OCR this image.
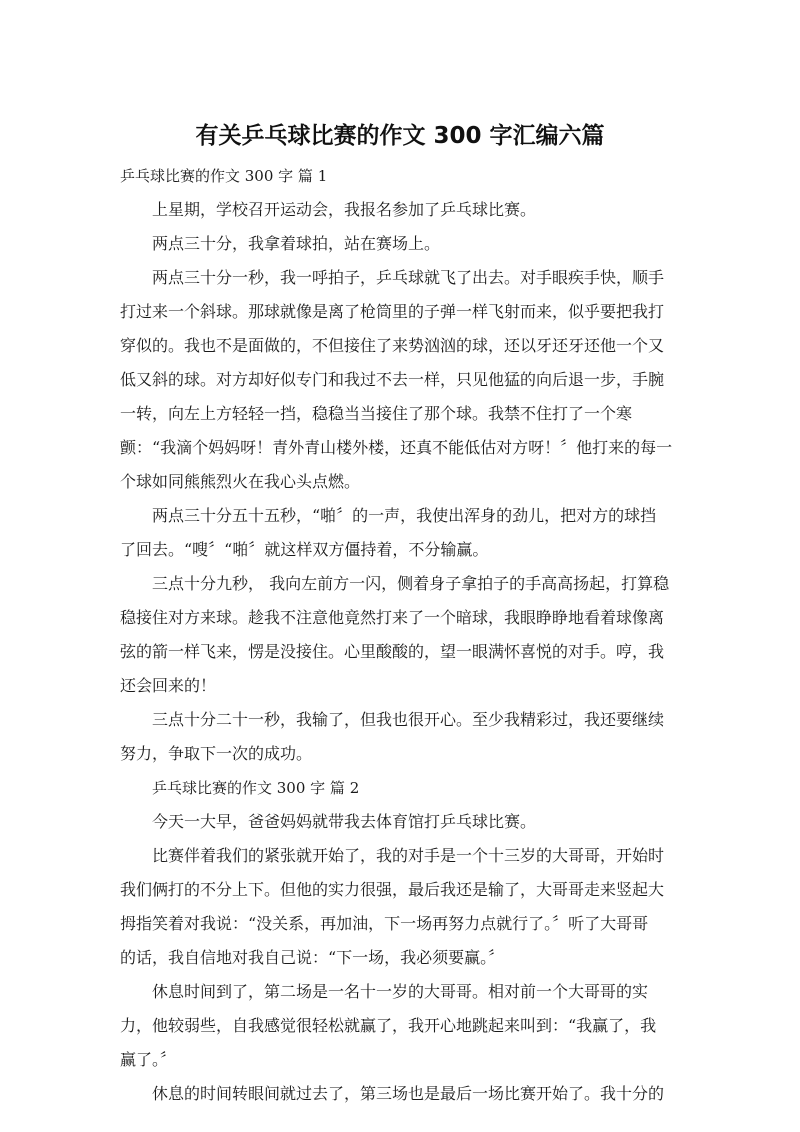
有关乒乓球比赛的作文 300 字汇编六篇
乒乓球比赛的作文 300 字 篇 1
上星期，学校召开运动会，我报名参加了乒乓球比赛。
两点三十分，我拿着球拍，站在赛场上。
两点三十分一秒，我一呼拍子，乒乓球就飞了出去。对手眼疾手快，顺手
打过来一个斜球。那球就像是离了枪筒里的子弹一样飞射而来，似乎要把我打
穿似的。我也不是面做的，不但接住了来势汹汹的球，还以牙还牙还他一个又
低又斜的球。对方却好似专门和我过不去一样，只见他猛的向后退一步，手腕
一转，向左上方轻轻一挡，稳稳当当接住了那个球。我禁不住打了一个寒
颤：“我滴个妈妈呀！青外青山楼外楼，还真不能低估对方呀！〞他打来的每一
个球如同熊熊烈火在我心头点燃。
两点三十分五十五秒，“啪〞的一声，我使出浑身的劲儿，把对方的球挡
了回去。“嗖〞“啪〞就这样双方僵持着，不分输赢。
三点十分九秒， 我向左前方一闪，侧着身子拿拍子的手高高扬起，打算稳
稳接住对方来球。趁我不注意他竟然打来了一个暗球，我眼睁睁地看着球像离
弦的箭一样飞来，愣是没接住。心里酸酸的，望一眼满怀喜悦的对手。哼，我
还会回来的！
三点十分二十一秒，我输了，但我也很开心。至少我精彩过，我还要继续
努力，争取下一次的成功。
乒乓球比赛的作文 300 字 篇 2
今天一大早，爸爸妈妈就带我去体育馆打乒乓球比赛。
比赛伴着我们的紧张就开始了，我的对手是一个十三岁的大哥哥，开始时
我们俩打的不分上下。但他的实力很强，最后我还是输了，大哥哥走来竖起大
拇指笑着对我说：“没关系，再加油，下一场再努力点就行了。〞听了大哥哥
的话，我自信地对我自己说：“下一场，我必须要赢。〞
休息时间到了，第二场是一名十一岁的大哥哥。相对前一个大哥哥的实
力，他较弱些，自我感觉很轻松就赢了，我开心地跳起来叫到：“我赢了，我
赢了。〞
休息的时间转眼间就过去了，第三场也是最后一场比赛开始了。我十分的
